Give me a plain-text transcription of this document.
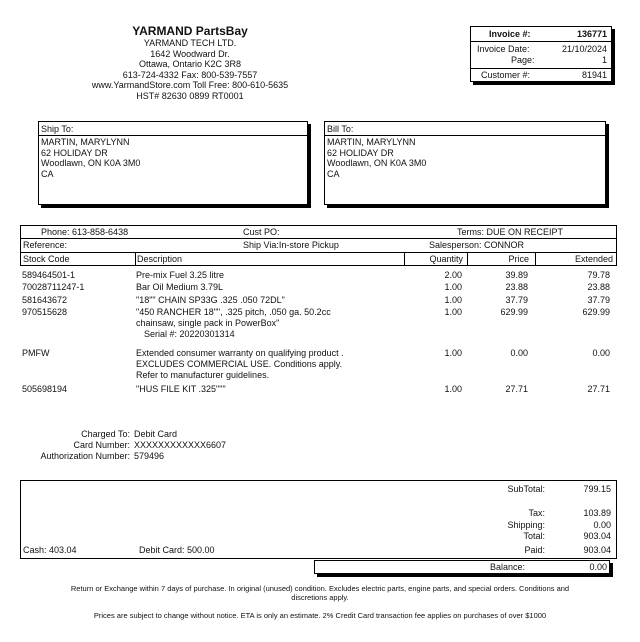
YARMAND PartsBay
YARMAND TECH LTD.
1642 Woodward Dr.
Ottawa, Ontario K2C 3R8
613-724-4332 Fax: 800-539-7557
www.YarmandStore.com Toll Free: 800-610-5635
HST# 82630 0899 RT0001
Invoice #:	136771
Invoice Date:	21/10/2024
Page:	1
Customer #:	81941
Ship To:
MARTIN, MARYLYNN
62 HOLIDAY DR
Woodlawn, ON K0A 3M0
CA
Bill To:
MARTIN, MARYLYNN
62 HOLIDAY DR
Woodlawn, ON K0A 3M0
CA
Phone: 613-858-6438	Cust PO:	Terms: DUE ON RECEIPT
Reference:	Ship Via:In-store Pickup	Salesperson: CONNOR
Stock Code	Description	Quantity	Price	Extended
589464501-1	Pre-mix Fuel 3.25 litre	2.00	39.89	79.78
70028711247-1	Bar Oil Medium 3.79L	1.00	23.88	23.88
581643672	"18"" CHAIN SP33G .325 .050 72DL"	1.00	37.79	37.79
970515628	"450 RANCHER 18"", .325 pitch, .050 ga. 50.2cc
chainsaw, single pack in PowerBox"
Serial #: 20220301314
1.00	629.99	629.99
PMFW	Extended consumer warranty on qualifying product .
EXCLUDES COMMERCIAL USE. Conditions apply.
Refer to manufacturer guidelines.
1.00	0.00	0.00
505698194	"HUS FILE KIT .325"""	1.00	27.71	27.71
Charged To: Debit Card
Card Number: XXXXXXXXXXXX6607
Authorization Number: 579496
SubTotal:	799.15
Tax:	103.89
Shipping:	0.00
Total:	903.04
Cash: 403.04	Debit Card: 500.00	Paid:	903.04
Balance:	0.00
Return or Exchange within 7 days of purchase. In original (unused) condition. Excludes electric parts, engine parts, and special orders. Conditions and
discretions apply.
Prices are subject to change without notice. ETA is only an estimate. 2% Credit Card transaction fee applies on purchases of over $1000
